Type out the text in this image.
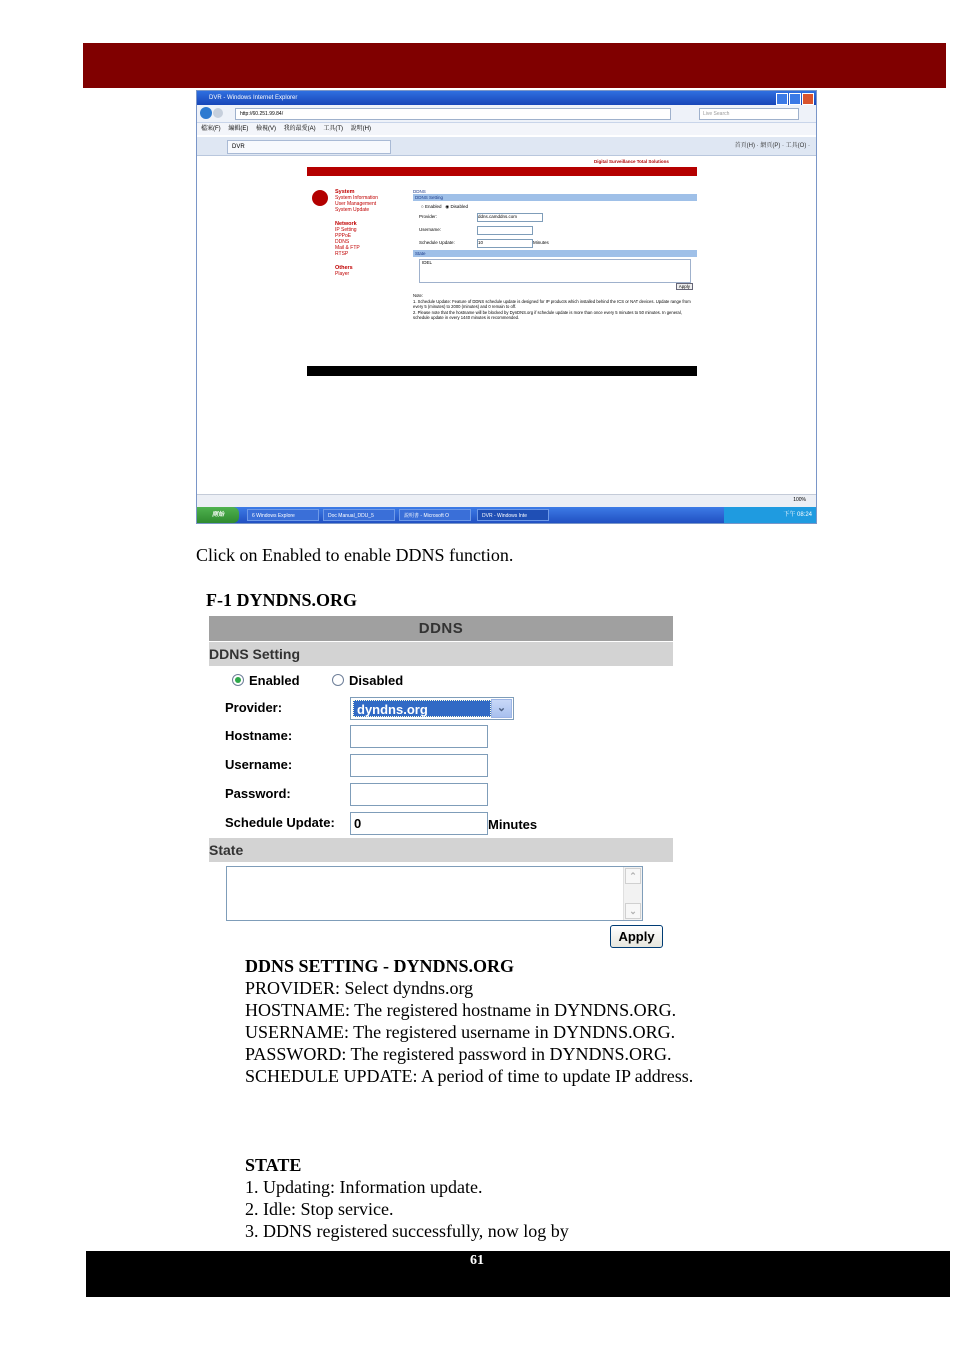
DVR - Windows Internet Explorer
http://60.251.99.84/	Live Search
檔案(F) 編輯(E) 檢視(V) 我的最愛(A) 工具(T) 說明(H)
DVR	首頁(H) · 網頁(P) · 工具(O) ·
Digital Surveillance Total Solutions
System
System Information
User Management
System Update
Network
IP Setting
PPPoE
DDNS
Mail & FTP
RTSP
Others
Player
DDNS
DDNS Setting
○ Enabled ◉ Disabled
Provider:	ddns.camddns.com
Username:
Schedule Update:	10	Minutes
State
IDEL
Apply
Note:
1. Schedule Update: Feature of DDNS schedule update is designed for IP products which installed behind the ICS or NAT devices. Update range from every 5 (minutes) to 2000 (minutes) and 0 remain to off.
2. Please note that the hostname will be blocked by DynDNS.org if schedule update is more than once every 5 minutes to 50 minutes. In general, schedule update in every 1440 minutes is recommended.
100%
開始	6 Windows Explore	Doc Manual_DDU_5	説明書 - Microsoft O	DVR - Windows Inte	下午 08:24
Click on Enabled to enable DDNS function.
F-1 DYNDNS.ORG
DDNS
DDNS Setting
Enabled	Disabled
Provider:	dyndns.org	⌄
Hostname:
Username:
Password:
Schedule Update:	0	Minutes
State
⌃
⌄
Apply
DDNS SETTING - DYNDNS.ORG
PROVIDER: Select dyndns.org
HOSTNAME: The registered hostname in DYNDNS.ORG.
USERNAME: The registered username in DYNDNS.ORG.
PASSWORD: The registered password in DYNDNS.ORG.
SCHEDULE UPDATE: A period of time to update IP address.
STATE
1. Updating: Information update.
2. Idle: Stop service.
3. DDNS registered successfully, now log by
61
